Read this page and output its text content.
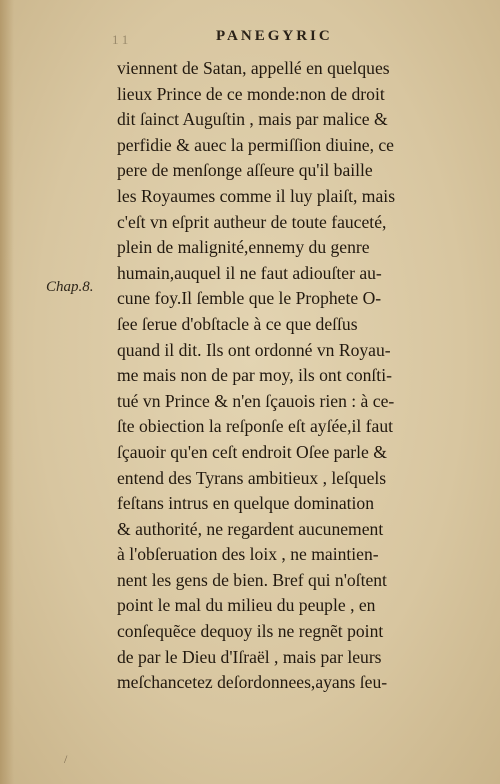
1 1	PANEGYRIC
Chap.8.
viennent de Satan, appellé en quelques
lieux Prince de ce monde:non de droit
dit ſainct Auguſtin , mais par malice &
perfidie & auec la permiſſion diuine, ce
pere de menſonge aſſeure qu'il baille
les Royaumes comme il luy plaiſt, mais
c'eſt vn eſprit autheur de toute fauceté,
plein de malignité,ennemy du genre
humain,auquel il ne faut adiouſter au-
cune foy.Il ſemble que le Prophete O-
ſee ſerue d'obſtacle à ce que deſſus
quand il dit. Ils ont ordonné vn Royau-
me mais non de par moy, ils ont conſti-
tué vn Prince & n'en ſçauois rien : à ce-
ſte obiection la reſponſe eſt ayſée,il faut
ſçauoir qu'en ceſt endroit Oſee parle &
entend des Tyrans ambitieux , leſquels
feſtans intrus en quelque domination
& authorité, ne regardent aucunement
à l'obſeruation des loix , ne maintien-
nent les gens de bien. Bref qui n'oſtent
point le mal du milieu du peuple , en
conſequẽce dequoy ils ne regnẽt point
de par le Dieu d'Iſraël , mais par leurs
meſchancetez deſordonnees,ayans ſeu-
/
